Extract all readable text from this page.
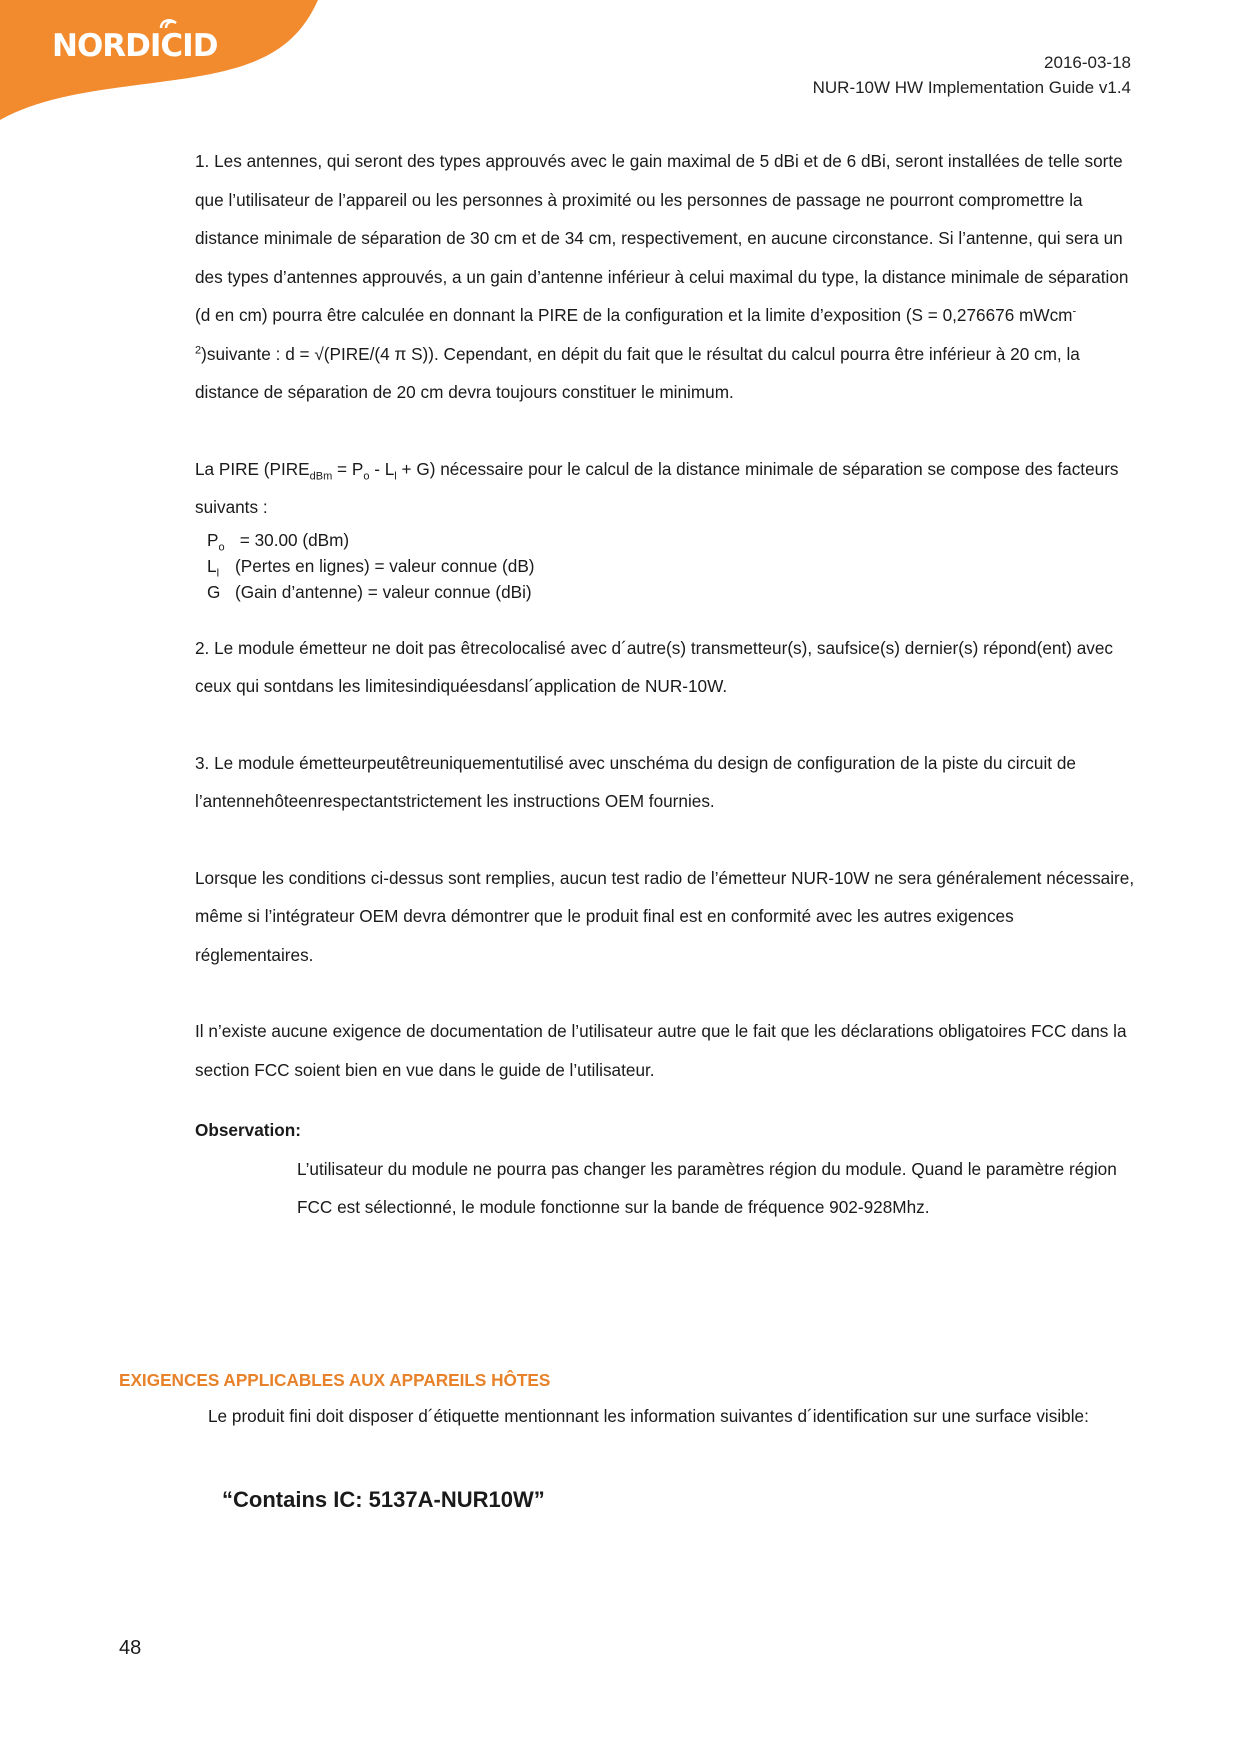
NORDICID	2016-03-18
NUR-10W HW Implementation Guide v1.4

1. Les antennes, qui seront des types approuvés avec le gain maximal de 5 dBi et de 6 dBi, seront installées de telle sorte que l’utilisateur de l’appareil ou les personnes à proximité ou les personnes de passage ne pourront compromettre la distance minimale de séparation de 30 cm et de 34 cm, respectivement, en aucune circonstance. Si l’antenne, qui sera un des types d’antennes approuvés, a un gain d’antenne inférieur à celui maximal du type, la distance minimale de séparation (d en cm) pourra être calculée en donnant la PIRE de la configuration et la limite d’exposition (S = 0,276676 mWcm$^{-2}$)suivante : d = √(PIRE/(4 π S)). Cependant, en dépit du fait que le résultat du calcul pourra être inférieur à 20 cm, la distance de séparation de 20 cm devra toujours constituer le minimum.

La PIRE $(PIRE_{dBm} = P_o - L_l + G)$ nécessaire pour le calcul de la distance minimale de séparation se compose des facteurs suivants :

$P_o = 30.00$ (dBm)
$L_l$ (Pertes en lignes) = valeur connue (dB)
G (Gain d’antenne) = valeur connue (dBi)

2. Le module émetteur ne doit pas êtrecolocalisé avec d´autre(s) transmetteur(s), saufsice(s) dernier(s) répond(ent) avec ceux qui sontdans les limitesindiquéesdansl´application de NUR-10W.

3. Le module émetteurpeutêtreuniquementutilisé avec unschéma du design de configuration de la piste du circuit de l’antennehôteenrespectantstrictement les instructions OEM fournies.

Lorsque les conditions ci-dessus sont remplies, aucun test radio de l’émetteur NUR-10W ne sera généralement nécessaire, même si l’intégrateur OEM devra démontrer que le produit final est en conformité avec les autres exigences réglementaires.

Il n’existe aucune exigence de documentation de l’utilisateur autre que le fait que les déclarations obligatoires FCC dans la section FCC soient bien en vue dans le guide de l’utilisateur.

Observation:

L’utilisateur du module ne pourra pas changer les paramètres région du module. Quand le paramètre région FCC est sélectionné, le module fonctionne sur la bande de fréquence 902-928Mhz.

EXIGENCES APPLICABLES AUX APPAREILS HÔTES

Le produit fini doit disposer d´étiquette mentionnant les information suivantes d´identification sur une surface visible:

“Contains IC: 5137A-NUR10W”
48
